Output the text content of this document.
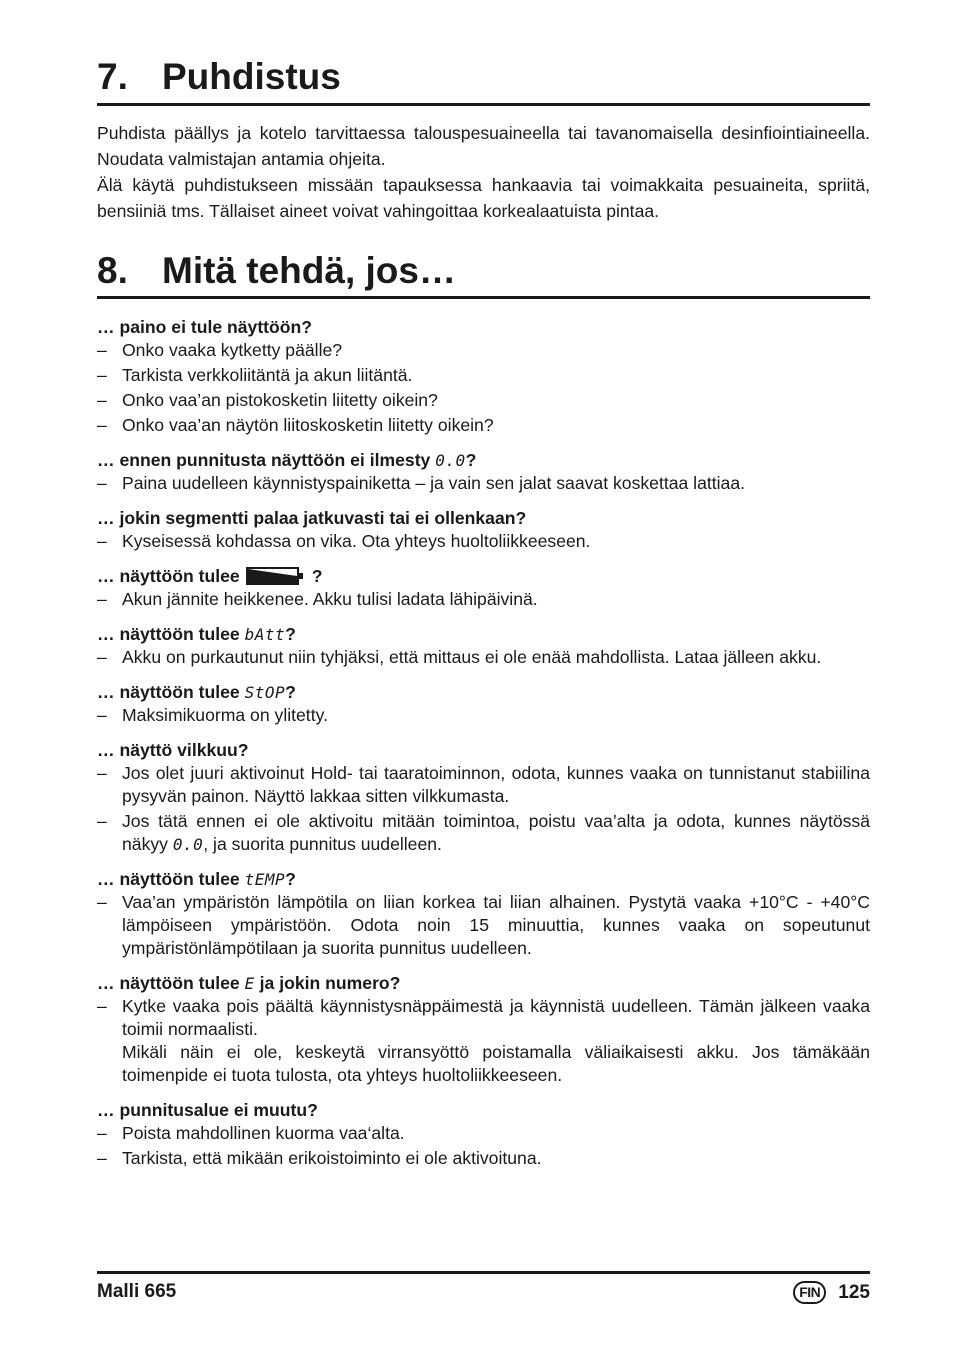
7. Puhdistus

Puhdista päällys ja kotelo tarvittaessa talouspesuaineella tai tavanomaisella desinfiointiaineella. Noudata valmistajan antamia ohjeita.

Älä käytä puhdistukseen missään tapauksessa hankaavia tai voimakkaita pesuaineita, spriitä, bensiiniä tms. Tällaiset aineet voivat vahingoittaa korkealaatuista pintaa.

8. Mitä tehdä, jos…

… paino ei tule näyttöön?

– Onko vaaka kytketty päälle?
– Tarkista verkkoliitäntä ja akun liitäntä.
– Onko vaa’an pistokosketin liitetty oikein?
– Onko vaa’an näytön liitoskosketin liitetty oikein?

… ennen punnitusta näyttöön ei ilmesty 0.0?

– Paina uudelleen käynnistyspainiketta – ja vain sen jalat saavat koskettaa lattiaa.

… jokin segmentti palaa jatkuvasti tai ei ollenkaan?

– Kyseisessä kohdassa on vika. Ota yhteys huoltoliikkeeseen.

… näyttöön tulee	?

– Akun jännite heikkenee. Akku tulisi ladata lähipäivinä.

… näyttöön tulee bAtt?

– Akku on purkautunut niin tyhjäksi, että mittaus ei ole enää mahdollista. Lataa jälleen akku.

… näyttöön tulee StOP?

– Maksimikuorma on ylitetty.

… näyttö vilkkuu?

– Jos olet juuri aktivoinut Hold- tai taaratoiminnon, odota, kunnes vaaka on tunnistanut stabiilina pysyvän painon. Näyttö lakkaa sitten vilkkumasta.
– Jos tätä ennen ei ole aktivoitu mitään toimintoa, poistu vaa’alta ja odota, kunnes näytössä näkyy 0.0, ja suorita punnitus uudelleen.

… näyttöön tulee tEMP?

– Vaa’an ympäristön lämpötila on liian korkea tai liian alhainen. Pystytä vaaka +10°C - +40°C lämpöiseen ympäristöön. Odota noin 15 minuuttia, kunnes vaaka on sopeutunut ympäristönlämpötilaan ja suorita punnitus uudelleen.

… näyttöön tulee E ja jokin numero?

– Kytke vaaka pois päältä käynnistysnäppäimestä ja käynnistä uudelleen. Tämän jälkeen vaaka toimii normaalisti.
Mikäli näin ei ole, keskeytä virransyöttö poistamalla väliaikaisesti akku. Jos tämäkään toimenpide ei tuota tulosta, ota yhteys huoltoliikkeeseen.

… punnitusalue ei muutu?

– Poista mahdollinen kuorma vaa‘alta.
– Tarkista, että mikään erikoistoiminto ei ole aktivoituna.
Malli 665	FIN 125
